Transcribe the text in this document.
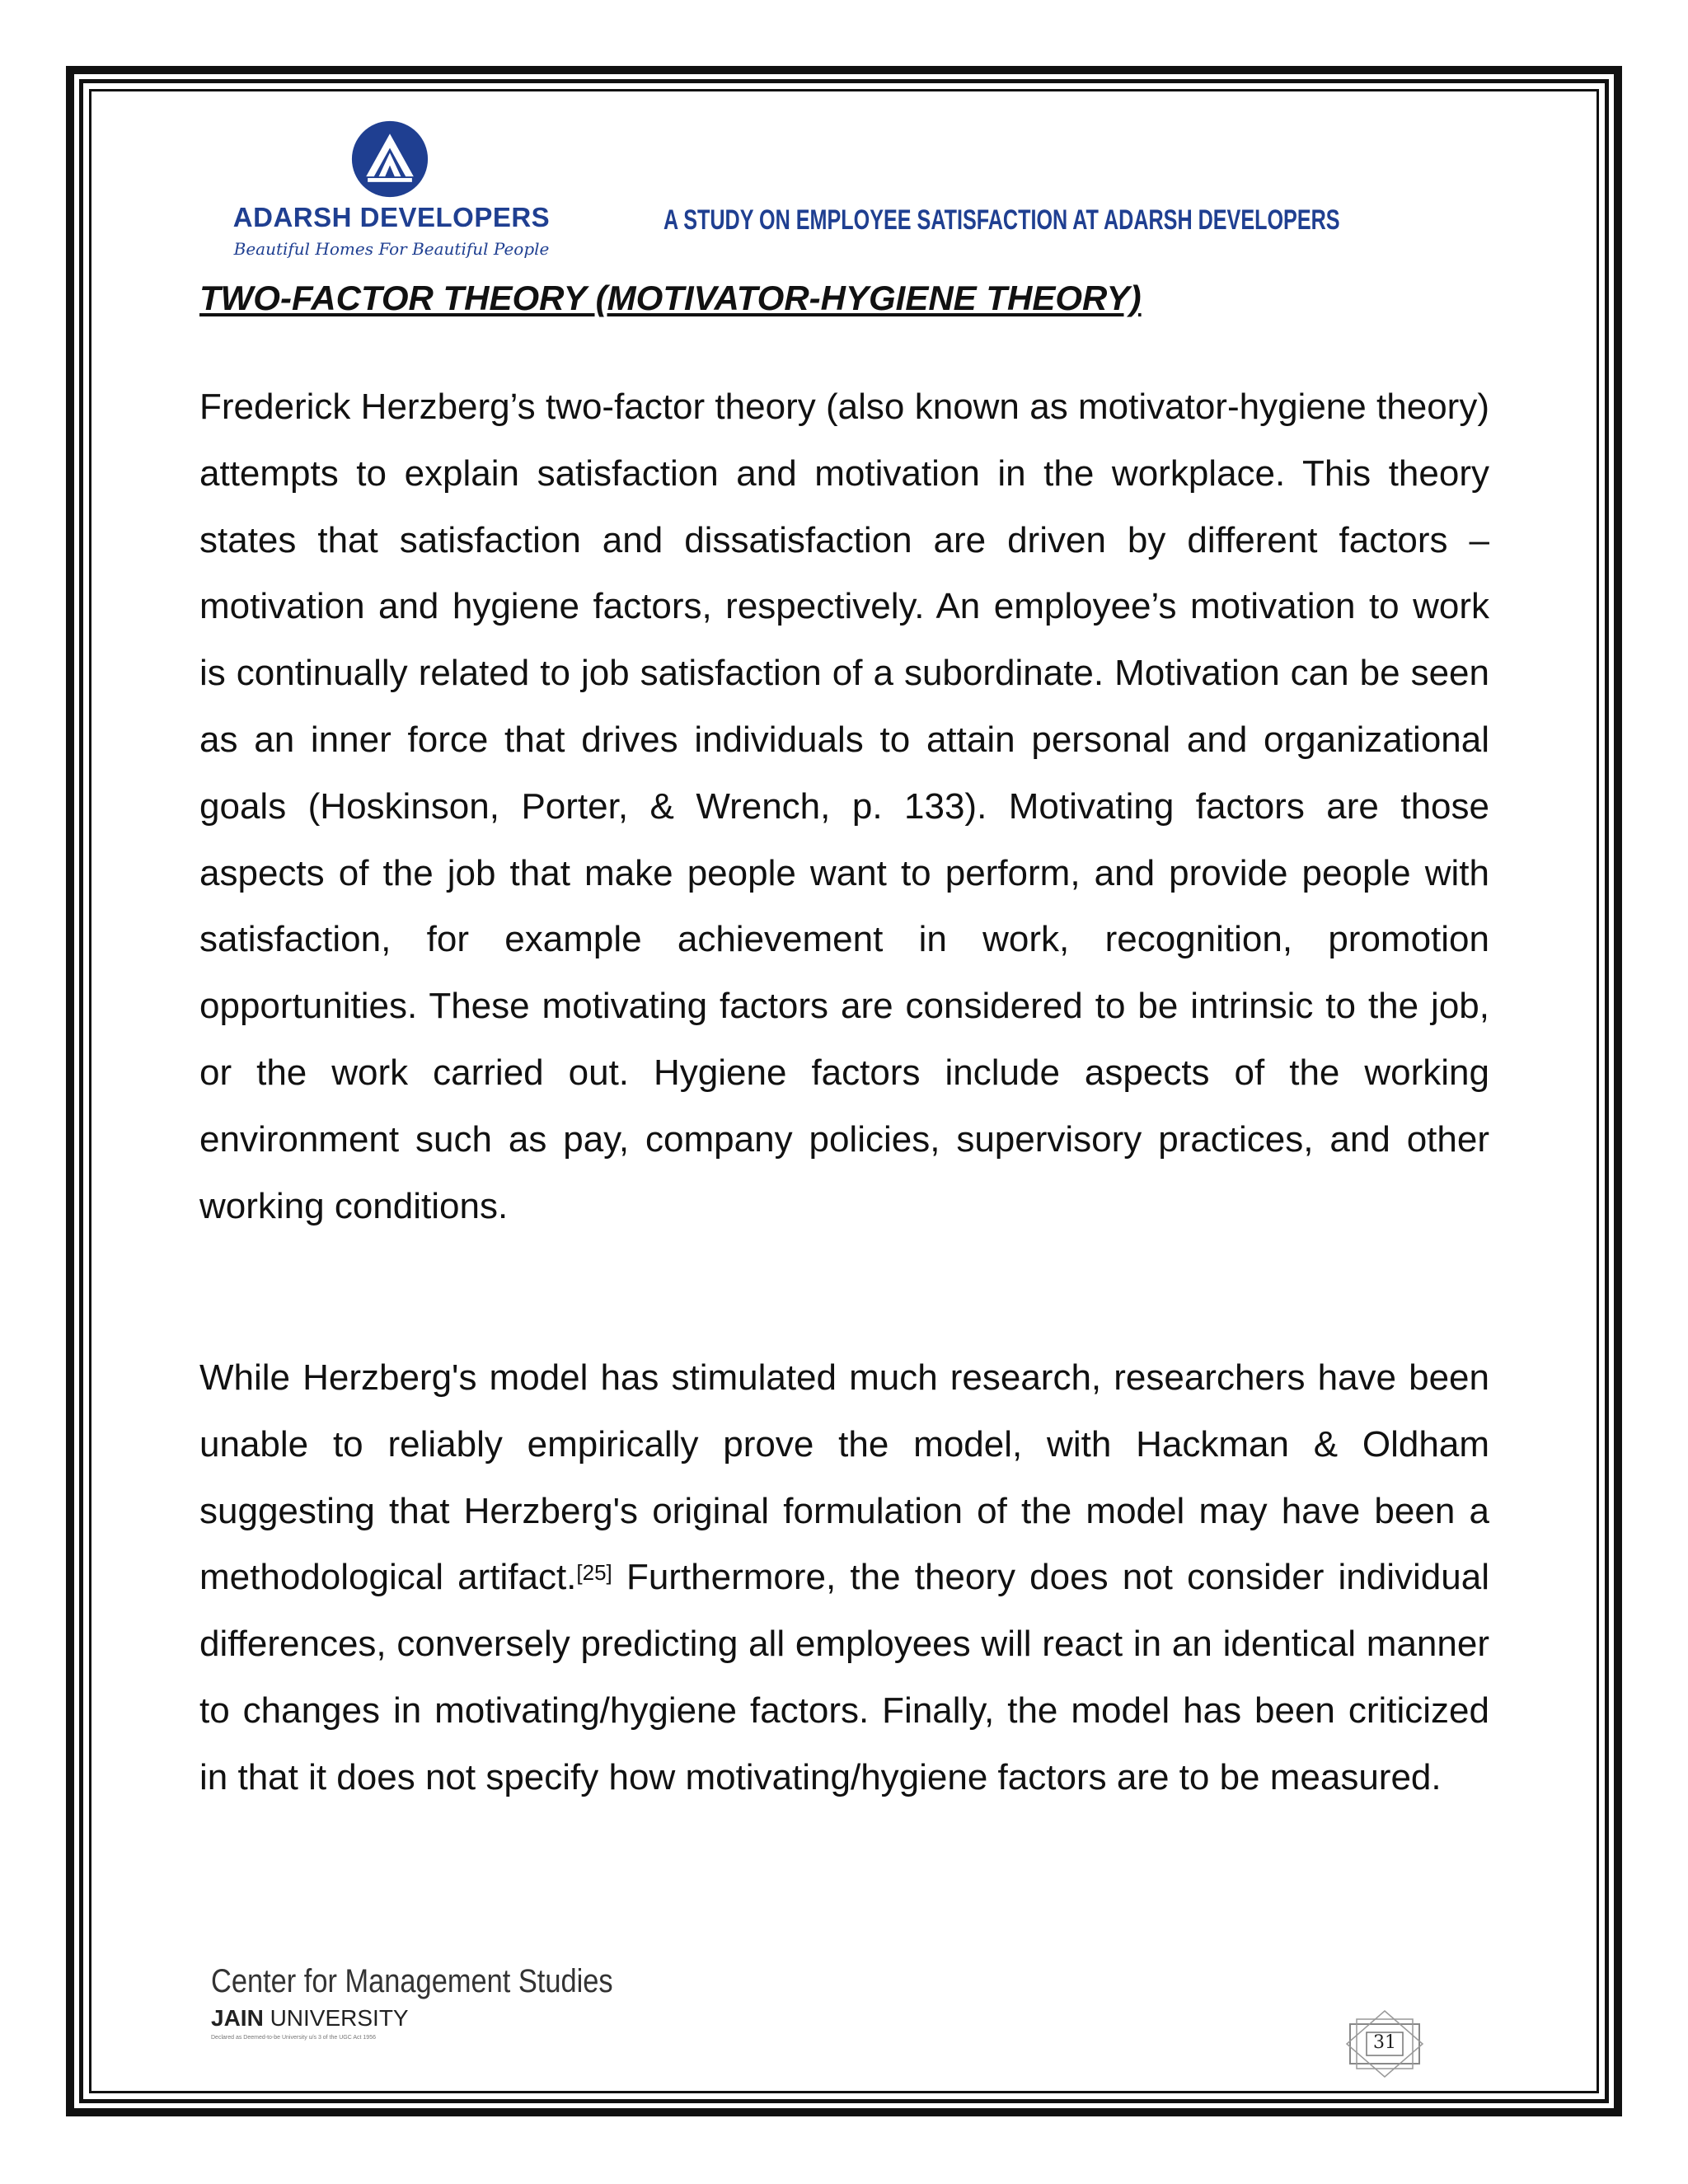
ADARSH DEVELOPERS
Beautiful Homes For Beautiful People
A STUDY ON EMPLOYEE SATISFACTION AT ADARSH DEVELOPERS
TWO-FACTOR THEORY (MOTIVATOR-HYGIENE THEORY)

Frederick Herzberg’s two-factor theory (also known as motivator-hygiene theory) attempts to explain satisfaction and motivation in the workplace. This theory states that satisfaction and dissatisfaction are driven by different factors – motivation and hygiene factors, respectively. An employee’s motivation to work is continually related to job satisfaction of a subordinate. Motivation can be seen as an inner force that drives individuals to attain personal and organizational goals (Hoskinson, Porter, & Wrench, p. 133). Motivating factors are those aspects of the job that make people want to perform, and provide people with satisfaction, for example achievement in work, recognition, promotion opportunities. These motivating factors are considered to be intrinsic to the job, or the work carried out. Hygiene factors include aspects of the working environment such as pay, company policies, supervisory practices, and other working conditions.

While Herzberg's model has stimulated much research, researchers have been unable to reliably empirically prove the model, with Hackman & Oldham suggesting that Herzberg's original formulation of the model may have been a methodological artifact.[25] Furthermore, the theory does not consider individual differences, conversely predicting all employees will react in an identical manner to changes in motivating/hygiene factors. Finally, the model has been criticized in that it does not specify how motivating/hygiene factors are to be measured.

Center for Management Studies
JAIN UNIVERSITY
Declared as Deemed-to-be University u/s 3 of the UGC Act 1956	31
